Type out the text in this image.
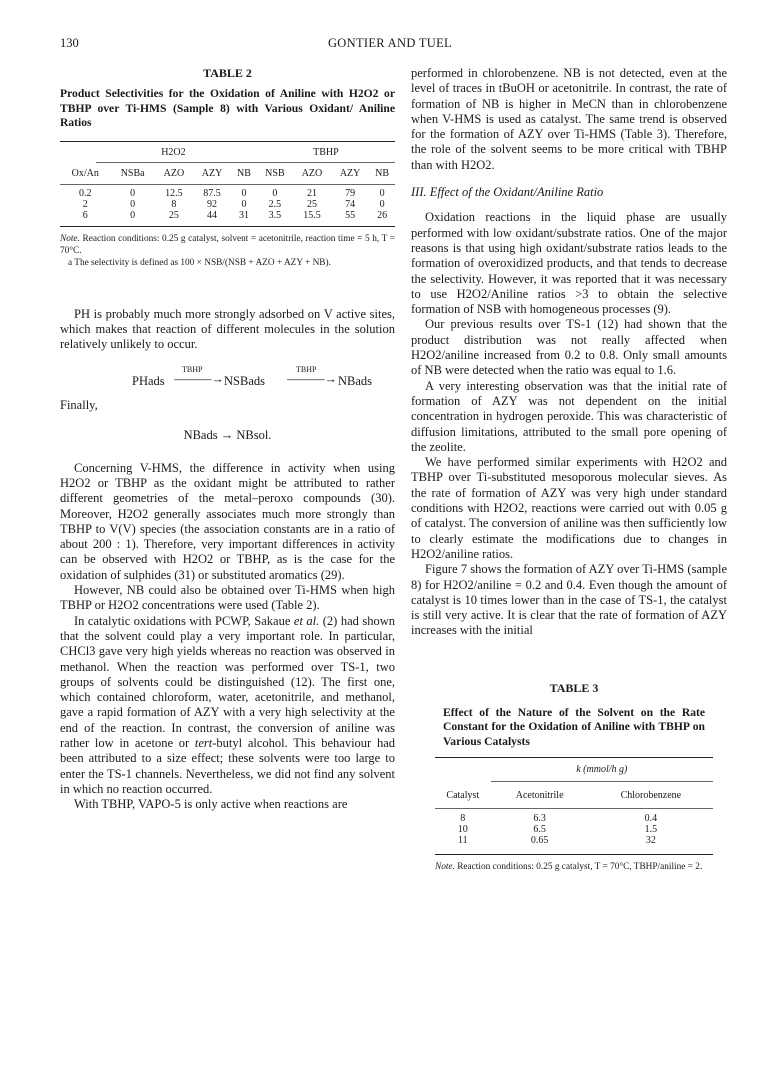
130	GONTIER AND TUEL
TABLE 2
Product Selectivities for the Oxidation of Aniline with H2O2 or TBHP over Ti-HMS (Sample 8) with Various Oxidant/ Aniline Ratios
H2O2					TBHP			

Ox/An	NSBa	AZO	AZY	NB	NSB	AZO	AZY	NB

0.2	0	12.5	87.5	0	0	21	79	0
2	0	8	92	0	2.5	25	74	0
6	0	25	44	31	3.5	15.5	55	26
Note. Reaction conditions: 0.25 g catalyst, solvent = acetonitrile, reaction time = 5 h, T = 70°C.
a The selectivity is defined as 100 × NSB/(NSB + AZO + AZY + NB).

PH is probably much more strongly adsorbed on V active sites, which makes that reaction of different molecules in the solution relatively unlikely to occur.

PHads
TBHP
———→ NSBads
TBHP
———→ NBads

Finally,

NBads → NBsol.

Concerning V-HMS, the difference in activity when using H2O2 or TBHP as the oxidant might be attributed to rather different geometries of the metal–peroxo compounds (30). Moreover, H2O2 generally associates much more strongly than TBHP to V(V) species (the association constants are in a ratio of about 200 : 1). Therefore, very important differences in activity can be observed with H2O2 or TBHP, as is the case for the oxidation of sulphides (31) or substituted aromatics (29).

However, NB could also be obtained over Ti-HMS when high TBHP or H2O2 concentrations were used (Table 2).

In catalytic oxidations with PCWP, Sakaue et al. (2) had shown that the solvent could play a very important role. In particular, CHCl3 gave very high yields whereas no reaction was observed in methanol. When the reaction was performed over TS-1, two groups of solvents could be distinguished (12). The first one, which contained chloroform, water, acetonitrile, and methanol, gave a rapid formation of AZY with a very high selectivity at the end of the reaction. In contrast, the conversion of aniline was rather low in acetone or tert-butyl alcohol. This behaviour had been attributed to a size effect; these solvents were too large to enter the TS-1 channels. Nevertheless, we did not find any solvent in which no reaction occurred.

With TBHP, VAPO-5 is only active when reactions are

performed in chlorobenzene. NB is not detected, even at the level of traces in tBuOH or acetonitrile. In contrast, the rate of formation of NB is higher in MeCN than in chlorobenzene when V-HMS is used as catalyst. The same trend is observed for the formation of AZY over Ti-HMS (Table 3). Therefore, the role of the solvent seems to be more critical with TBHP than with H2O2.

III. Effect of the Oxidant/Aniline Ratio

Oxidation reactions in the liquid phase are usually performed with low oxidant/substrate ratios. One of the major reasons is that using high oxidant/substrate ratios leads to the formation of overoxidized products, and that tends to decrease the selectivity. However, it was reported that it was necessary to use H2O2/Aniline ratios >3 to obtain the selective formation of NSB with homogeneous processes (9).

Our previous results over TS-1 (12) had shown that the product distribution was not really affected when H2O2/aniline increased from 0.2 to 0.8. Only small amounts of NB were detected when the ratio was equal to 1.6.

A very interesting observation was that the initial rate of formation of AZY was not dependent on the initial concentration in hydrogen peroxide. This was characteristic of diffusion limitations, attributed to the small pore opening of the zeolite.

We have performed similar experiments with H2O2 and TBHP over Ti-substituted mesoporous molecular sieves. As the rate of formation of AZY was very high under standard conditions with H2O2, reactions were carried out with 0.05 g of catalyst. The conversion of aniline was then sufficiently low to clearly estimate the modifications due to changes in H2O2/aniline ratios.

Figure 7 shows the formation of AZY over Ti-HMS (sample 8) for H2O2/aniline = 0.2 and 0.4. Even though the amount of catalyst is 10 times lower than in the case of TS-1, the catalyst is still very active. It is clear that the rate of formation of AZY increases with the initial

TABLE 3
Effect of the Nature of the Solvent on the Rate Constant for the Oxidation of Aniline with TBHP on Various Catalysts
	k (mmol/h g)	

Catalyst	Acetonitrile	Chlorobenzene

8	6.3	0.4
10	6.5	1.5
11	0.65	32
Note. Reaction conditions: 0.25 g catalyst, T = 70°C, TBHP/aniline = 2.
